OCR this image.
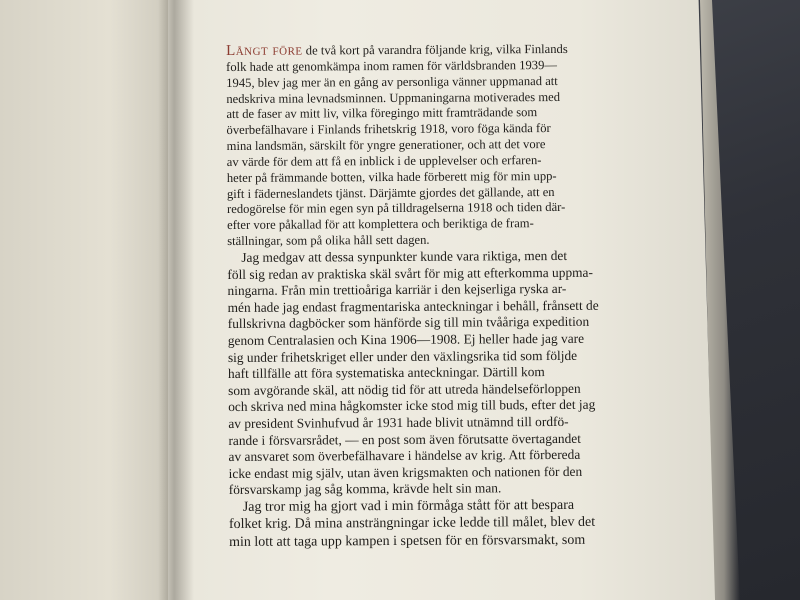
Långt före de två kort på varandra följande krig, vilka Finlands
folk hade att genomkämpa inom ramen för världsbranden 1939—
1945, blev jag mer än en gång av personliga vänner uppmanad att
nedskriva mina levnadsminnen. Uppmaningarna motiverades med
att de faser av mitt liv, vilka föregingo mitt framträdande som
överbefälhavare i Finlands frihetskrig 1918, voro föga kända för
mina landsmän, särskilt för yngre generationer, och att det vore
av värde för dem att få en inblick i de upplevelser och erfaren-
heter på främmande botten, vilka hade förberett mig för min upp-
gift i fäderneslandets tjänst. Därjämte gjordes det gällande, att en
redogörelse för min egen syn på tilldragelserna 1918 och tiden där-
efter vore påkallad för att komplettera och beriktiga de fram-
ställningar, som på olika håll sett dagen.
Jag medgav att dessa synpunkter kunde vara riktiga, men det
föll sig redan av praktiska skäl svårt för mig att efterkomma uppma-
ningarna. Från min trettioåriga karriär i den kejserliga ryska ar-
mén hade jag endast fragmentariska anteckningar i behåll, frånsett de
fullskrivna dagböcker som hänförde sig till min tvååriga expedition
genom Centralasien och Kina 1906—1908. Ej heller hade jag vare
sig under frihetskriget eller under den växlingsrika tid som följde
haft tillfälle att föra systematiska anteckningar. Därtill kom
som avgörande skäl, att nödig tid för att utreda händelseförloppen
och skriva ned mina hågkomster icke stod mig till buds, efter det jag
av president Svinhufvud år 1931 hade blivit utnämnd till ordfö-
rande i försvarsrådet, — en post som även förutsatte övertagandet
av ansvaret som överbefälhavare i händelse av krig. Att förbereda
icke endast mig själv, utan även krigsmakten och nationen för den
försvarskamp jag såg komma, krävde helt sin man.
Jag tror mig ha gjort vad i min förmåga stått för att bespara
folket krig. Då mina ansträngningar icke ledde till målet, blev det
min lott att taga upp kampen i spetsen för en försvarsmakt, som
